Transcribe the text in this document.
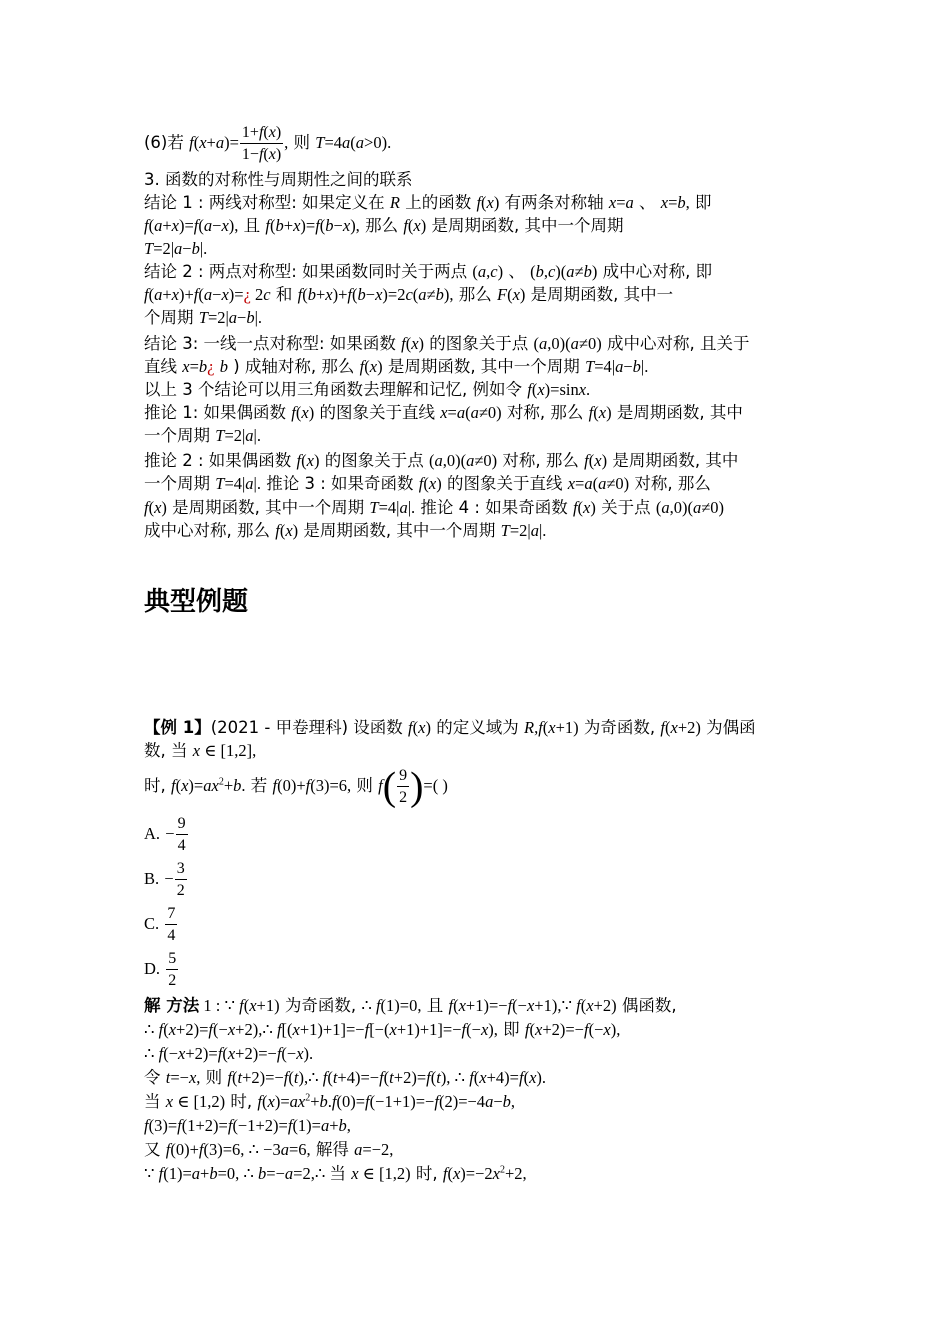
(6)若 $f(x+a)= \frac{1+f(x)}{1-f(x)}$ , 则 T=4a(a>0).
3. 函数的对称性与周期性之间的联系
结论 1 : 两线对称型: 如果定义在 R 上的函数 f(x) 有两条对称轴 x=a 、 x=b, 即
f(a+x)=f(a−x), 且 f(b+x)=f(b−x), 那么 f(x) 是周期函数, 其中一个周期
T=2|a−b|.
结论 2 : 两点对称型: 如果函数同时关于两点 (a,c) 、 (b,c)(a≠b) 成中心对称, 即
f(a+x)+f(a−x)=¿ 2c 和 f(b+x)+f(b−x)=2c(a≠b), 那么 F(x) 是周期函数, 其中一
个周期 T=2|a−b|.
结论 3: 一线一点对称型: 如果函数 f(x) 的图象关于点 (a,0)(a≠0) 成中心对称, 且关于
直线 x=b¿ b ) 成轴对称, 那么 f(x) 是周期函数, 其中一个周期 T=4|a−b|.
以上 3 个结论可以用三角函数去理解和记忆, 例如令 f(x)=sinx.
推论 1: 如果偶函数 f(x) 的图象关于直线 x=a(a≠0) 对称, 那么 f(x) 是周期函数, 其中
一个周期 T=2|a|.
推论 2 : 如果偶函数 f(x) 的图象关于点 (a,0)(a≠0) 对称, 那么 f(x) 是周期函数, 其中
一个周期 T=4|a|. 推论 3 : 如果奇函数 f(x) 的图象关于直线 x=a(a≠0) 对称, 那么
f(x) 是周期函数, 其中一个周期 T=4|a|. 推论 4 : 如果奇函数 f(x) 关于点 (a,0)(a≠0)
成中心对称, 那么 f(x) 是周期函数, 其中一个周期 T=2|a|.
典型例题
【例 1】(2021 - 甲卷理科) 设函数 f(x) 的定义域为 R,f(x+1) 为奇函数, f(x+2) 为偶函
数, 当 x ∈ [1,2],
时, $f(x)=ax^2+b$. 若 f(0)+f(3)=6, 则 $f( \frac{9}{2}$ )=( )
A. − $\frac{9}{4}$
B. − $\frac{3}{2}$
C. $\frac{7}{4}$
D. $\frac{5}{2}$
解 方法 1 : ∵ f(x+1) 为奇函数, ∴ f(1)=0, 且 f(x+1)=−f(−x+1),∵ f(x+2) 偶函数,
∴ f(x+2)=f(−x+2),∴ f[(x+1)+1]=−f[−(x+1)+1]=−f(−x), 即 f(x+2)=−f(−x),
∴ f(−x+2)=f(x+2)=−f(−x).
令 t=−x, 则 f(t+2)=−f(t),∴ f(t+4)=−f(t+2)=f(t), ∴ f(x+4)=f(x).
当 x ∈ [1,2) 时, $f(x)=ax^2+b.f(0)=f(-1+1)=-f(2)=-4a-b$,
f(3)=f(1+2)=f(−1+2)=f(1)=a+b,
又 f(0)+f(3)=6, ∴ −3a=6, 解得 a=−2,
∵ f(1)=a+b=0, ∴ b=−a=2,∴ 当 x ∈ [1,2) 时, $f(x)=-2x^2+2$,
